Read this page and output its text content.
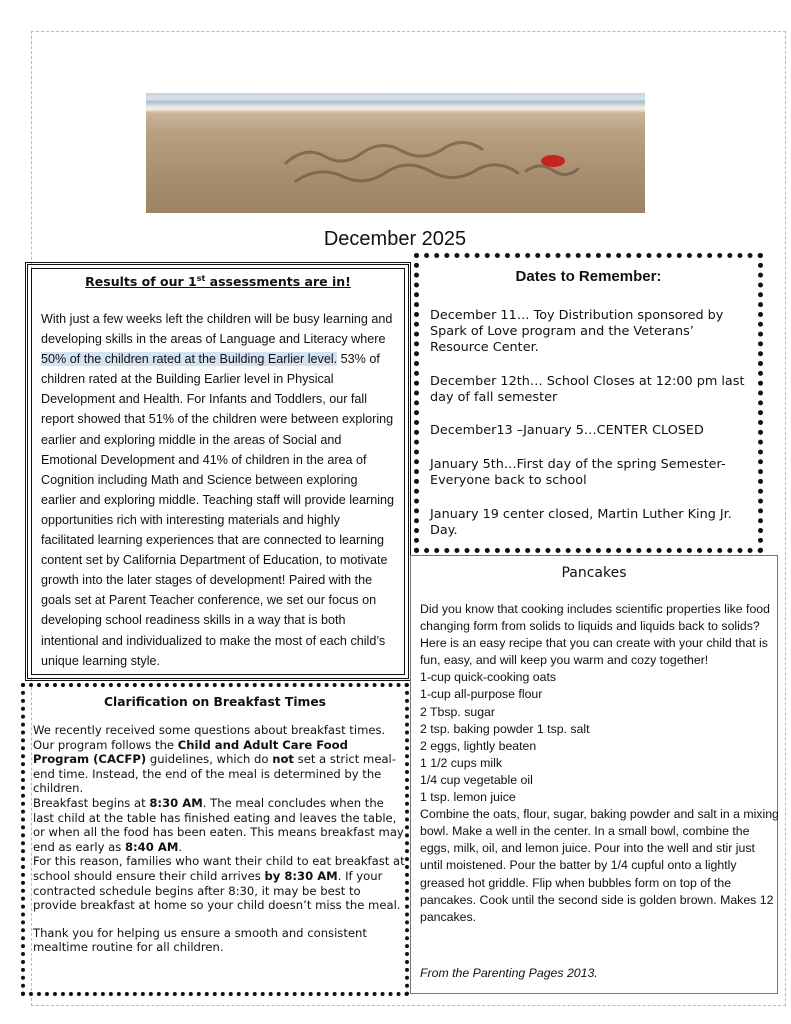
December 2025
Results of our 1st assessments are in!
With just a few weeks left the children will be busy learning and developing skills in the areas of Language and Literacy where 50% of the children rated at the Building Earlier level. 53% of children rated at the Building Earlier level in Physical Development and Health. For Infants and Toddlers, our fall report showed that 51% of the children were between exploring earlier and exploring middle in the areas of Social and Emotional Development and 41% of children in the area of Cognition including Math and Science between exploring earlier and exploring middle. Teaching staff will provide learning opportunities rich with interesting materials and highly facilitated learning experiences that are connected to learning content set by California Department of Education, to motivate growth into the later stages of development! Paired with the goals set at Parent Teacher conference, we set our focus on developing school readiness skills in a way that is both intentional and individualized to make the most of each child’s unique learning style.
Dates to Remember:
December 11… Toy Distribution sponsored by Spark of Love program and the Veterans’ Resource Center.
December 12th… School Closes at 12:00 pm last day of fall semester
December13 –January 5…CENTER CLOSED
January 5th…First day of the spring Semester-Everyone back to school
January 19 center closed, Martin Luther King Jr. Day.
Pancakes

Did you know that cooking includes scientific properties like food changing form from solids to liquids and liquids back to solids?

Here is an easy recipe that you can create with your child that is fun, easy, and will keep you warm and cozy together!

1-cup quick-cooking oats

1-cup all-purpose flour

2 Tbsp. sugar

2 tsp. baking powder 1 tsp. salt

2 eggs, lightly beaten

1 1/2 cups milk

1/4 cup vegetable oil

1 tsp. lemon juice

Combine the oats, flour, sugar, baking powder and salt in a mixing bowl. Make a well in the center. In a small bowl, combine the eggs, milk, oil, and lemon juice. Pour into the well and stir just until moistened. Pour the batter by 1/4 cupful onto a lightly greased hot griddle. Flip when bubbles form on top of the pancakes. Cook until the second side is golden brown. Makes 12 pancakes.

From the Parenting Pages 2013.
Clarification on Breakfast Times

We recently received some questions about breakfast times. Our program follows the Child and Adult Care Food Program (CACFP) guidelines, which do not set a strict meal-end time. Instead, the end of the meal is determined by the children.

Breakfast begins at 8:30 AM. The meal concludes when the last child at the table has finished eating and leaves the table, or when all the food has been eaten. This means breakfast may end as early as 8:40 AM.

For this reason, families who want their child to eat breakfast at school should ensure their child arrives by 8:30 AM. If your contracted schedule begins after 8:30, it may be best to provide breakfast at home so your child doesn’t miss the meal.

Thank you for helping us ensure a smooth and consistent mealtime routine for all children.
